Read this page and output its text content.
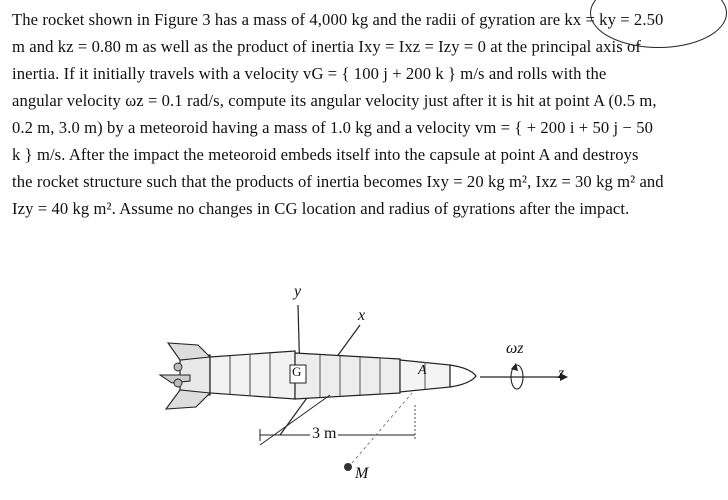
The rocket shown in Figure 3 has a mass of 4,000 kg and the radii of gyration are kx = ky = 2.50
m and kz = 0.80 m as well as the product of inertia Ixy = Ixz = Izy = 0 at the principal axis of
inertia. If it initially travels with a velocity vG = { 100 j + 200 k } m/s and rolls with the
angular velocity ωz = 0.1 rad/s, compute its angular velocity just after it is hit at point A (0.5 m,
0.2 m, 3.0 m) by a meteoroid having a mass of 1.0 kg and a velocity vm = { + 200 i + 50 j − 50
k } m/s. After the impact the meteoroid embeds itself into the capsule at point A and destroys
the rocket structure such that the products of inertia becomes Ixy = 20 kg m², Ixz = 30 kg m² and
Izy = 40 kg m². Assume no changes in CG location and radius of gyrations after the impact.
y
x
z
ωz
G	A
M
3 m
